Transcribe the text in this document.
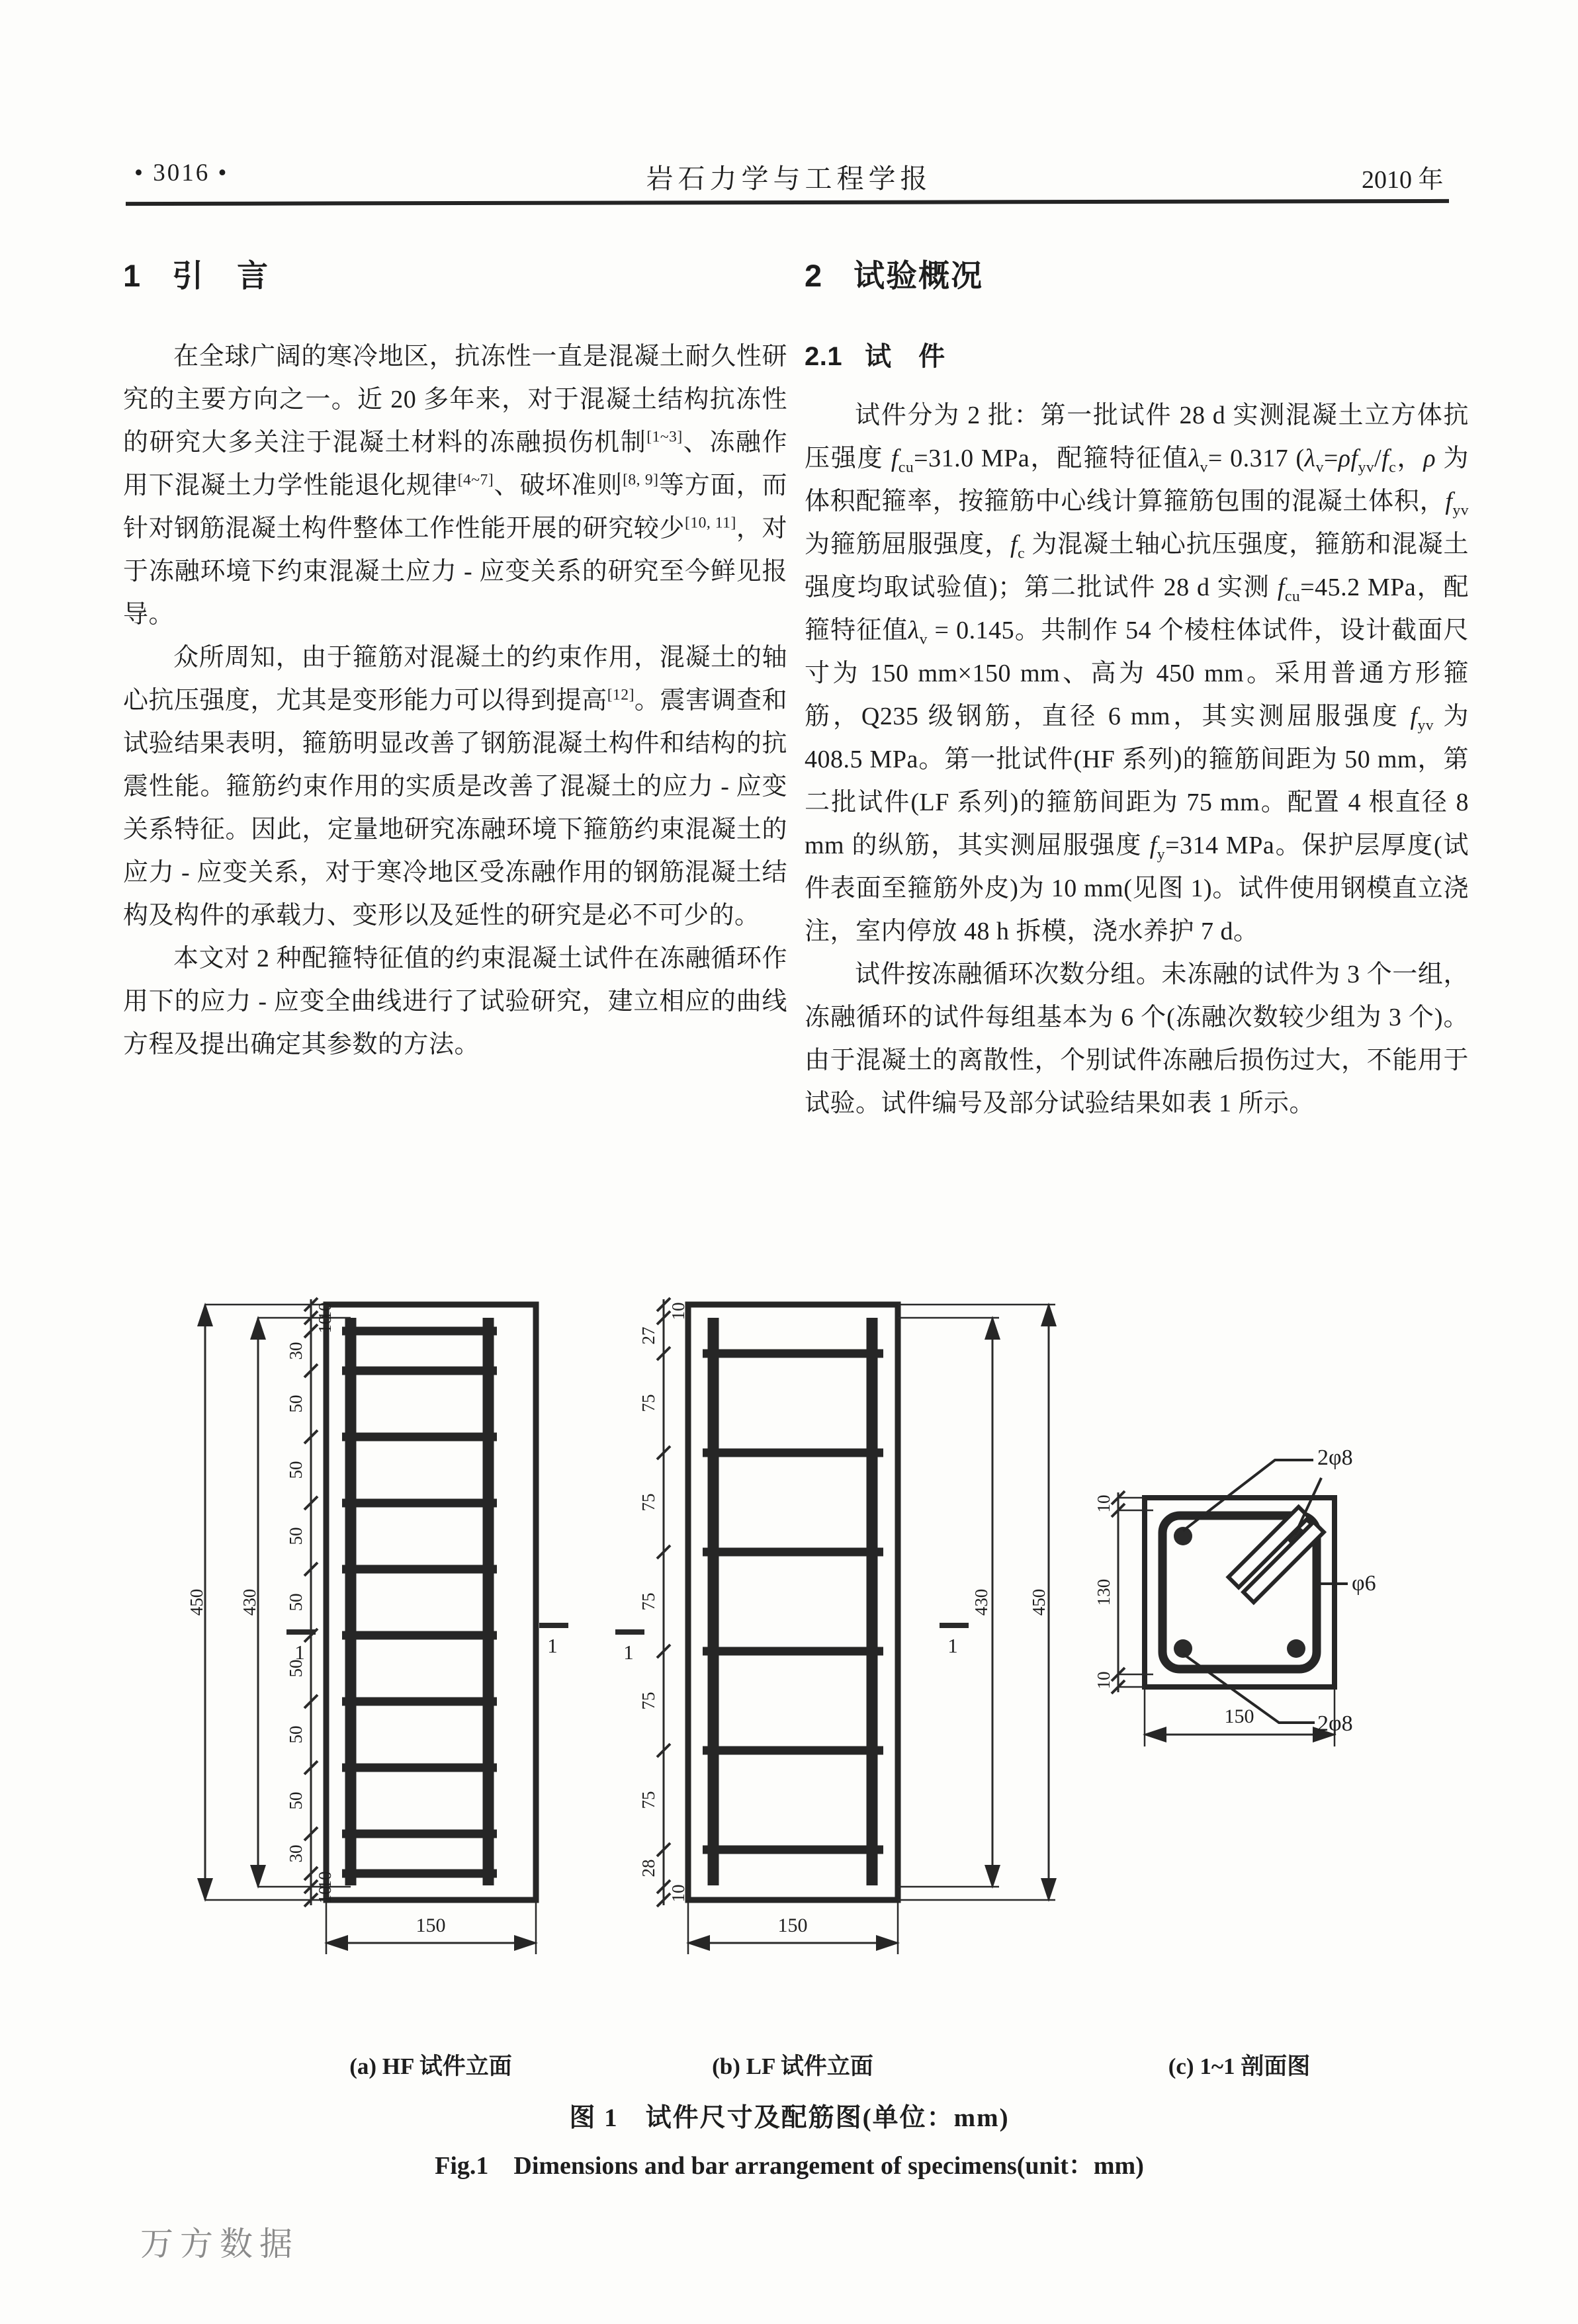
• 3016 •	岩石力学与工程学报	2010 年
1 引　言

在全球广阔的寒冷地区，抗冻性一直是混凝土耐久性研究的主要方向之一。近 20 多年来，对于混凝土结构抗冻性的研究大多关注于混凝土材料的冻融损伤机制[1~3]、冻融作用下混凝土力学性能退化规律[4~7]、破坏准则[8, 9]等方面，而针对钢筋混凝土构件整体工作性能开展的研究较少[10, 11]，对于冻融环境下约束混凝土应力 - 应变关系的研究至今鲜见报导。

众所周知，由于箍筋对混凝土的约束作用，混凝土的轴心抗压强度，尤其是变形能力可以得到提高[12]。震害调查和试验结果表明，箍筋明显改善了钢筋混凝土构件和结构的抗震性能。箍筋约束作用的实质是改善了混凝土的应力 - 应变关系特征。因此，定量地研究冻融环境下箍筋约束混凝土的应力 - 应变关系，对于寒冷地区受冻融作用的钢筋混凝土结构及构件的承载力、变形以及延性的研究是必不可少的。

本文对 2 种配箍特征值的约束混凝土试件在冻融循环作用下的应力 - 应变全曲线进行了试验研究，建立相应的曲线方程及提出确定其参数的方法。

2 试验概况
2.1 试　件

试件分为 2 批：第一批试件 28 d 实测混凝土立方体抗压强度 $f_{cu}=31.0$ MPa，配箍特征值$\lambda_v= 0.317$ ($\lambda_v=\rho f_{yv}/f_c$，ρ 为体积配箍率，按箍筋中心线计算箍筋包围的混凝土体积，$f_{yv}$ 为箍筋屈服强度，$f_c$ 为混凝土轴心抗压强度，箍筋和混凝土强度均取试验值)；第二批试件 28 d 实测 $f_{cu}=45.2$ MPa，配箍特征值$\lambda_v = 0.145$。共制作 54 个棱柱体试件，设计截面尺寸为 150 mm×150 mm、高为 450 mm。采用普通方形箍筋，Q235 级钢筋，直径 6 mm，其实测屈服强度 $f_{yv}$ 为 408.5 MPa。第一批试件(HF 系列)的箍筋间距为 50 mm，第二批试件(LF 系列)的箍筋间距为 75 mm。配置 4 根直径 8 mm 的纵筋，其实测屈服强度 $f_y=314$ MPa。保护层厚度(试件表面至箍筋外皮)为 10 mm(见图 1)。试件使用钢模直立浇注，室内停放 48 h 拆模，浇水养护 7 d。

试件按冻融循环次数分组。未冻融的试件为 3 个一组，冻融循环的试件每组基本为 6 个(冻融次数较少组为 3 个)。由于混凝土的离散性，个别试件冻融后损伤过大，不能用于试验。试件编号及部分试验结果如表 1 所示。

450 430
10
10
30
50
50
50
50
50
50
50
30
10
10
150
1	1
10
27
75
75
75
75
75
28
10
430 450
150
1	1
10
130
10
150
2φ8
φ6
2φ8
(a) HF 试件立面	(b) LF 试件立面	(c) 1~1 剖面图
图 1　试件尺寸及配筋图(单位：mm)
Fig.1　Dimensions and bar arrangement of specimens(unit：mm)
万方数据
